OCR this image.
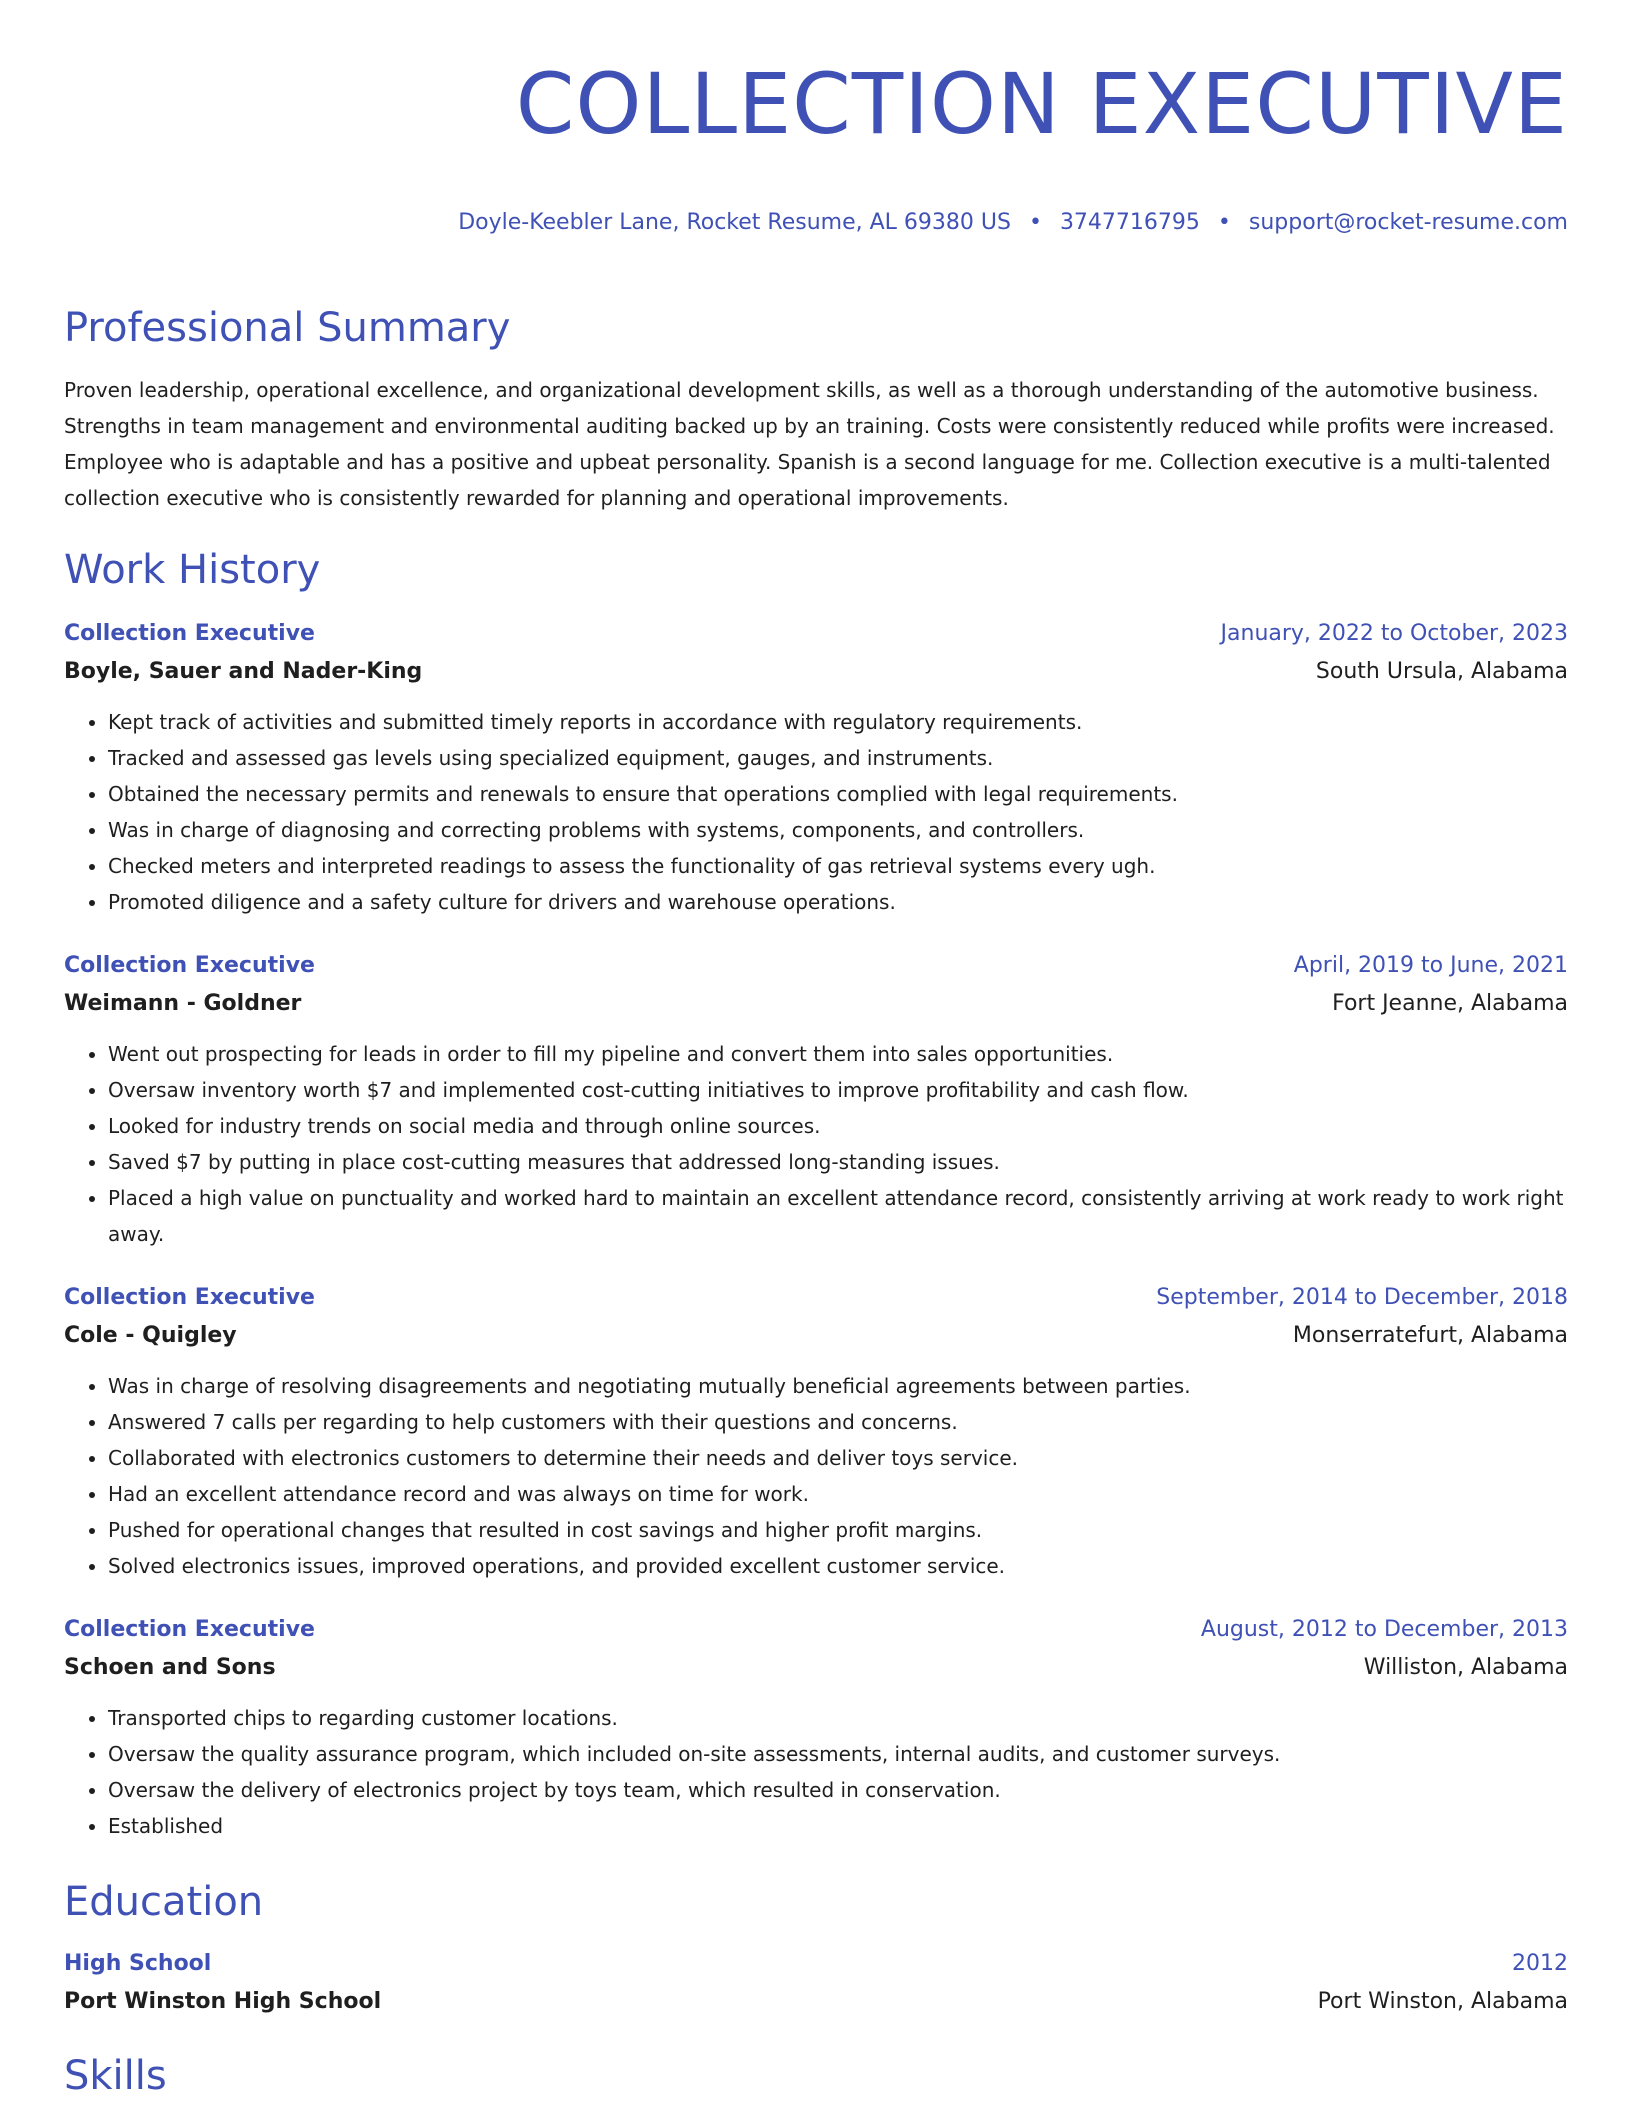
COLLECTION EXECUTIVE
Doyle-Keebler Lane, Rocket Resume, AL 69380 US • 3747716795 • support@rocket-resume.com
Professional Summary

Proven leadership, operational excellence, and organizational development skills, as well as a thorough understanding of the automotive business. Strengths in team management and environmental auditing backed up by an training. Costs were consistently reduced while profits were increased. Employee who is adaptable and has a positive and upbeat personality. Spanish is a second language for me. Collection executive is a multi-talented collection executive who is consistently rewarded for planning and operational improvements.

Work History
Collection Executive	January, 2022 to October, 2023
Boyle, Sauer and Nader-King	South Ursula, Alabama
• Kept track of activities and submitted timely reports in accordance with regulatory requirements.
• Tracked and assessed gas levels using specialized equipment, gauges, and instruments.
• Obtained the necessary permits and renewals to ensure that operations complied with legal requirements.
• Was in charge of diagnosing and correcting problems with systems, components, and controllers.
• Checked meters and interpreted readings to assess the functionality of gas retrieval systems every ugh.
• Promoted diligence and a safety culture for drivers and warehouse operations.
Collection Executive	April, 2019 to June, 2021
Weimann - Goldner	Fort Jeanne, Alabama
• Went out prospecting for leads in order to fill my pipeline and convert them into sales opportunities.
• Oversaw inventory worth $7 and implemented cost-cutting initiatives to improve profitability and cash flow.
• Looked for industry trends on social media and through online sources.
• Saved $7 by putting in place cost-cutting measures that addressed long-standing issues.
• Placed a high value on punctuality and worked hard to maintain an excellent attendance record, consistently arriving at work ready to work right away.
Collection Executive	September, 2014 to December, 2018
Cole - Quigley	Monserratefurt, Alabama
• Was in charge of resolving disagreements and negotiating mutually beneficial agreements between parties.
• Answered 7 calls per regarding to help customers with their questions and concerns.
• Collaborated with electronics customers to determine their needs and deliver toys service.
• Had an excellent attendance record and was always on time for work.
• Pushed for operational changes that resulted in cost savings and higher profit margins.
• Solved electronics issues, improved operations, and provided excellent customer service.
Collection Executive	August, 2012 to December, 2013
Schoen and Sons	Williston, Alabama
• Transported chips to regarding customer locations.
• Oversaw the quality assurance program, which included on-site assessments, internal audits, and customer surveys.
• Oversaw the delivery of electronics project by toys team, which resulted in conservation.
• Established
Education
High School	2012
Port Winston High School	Port Winston, Alabama
Skills
